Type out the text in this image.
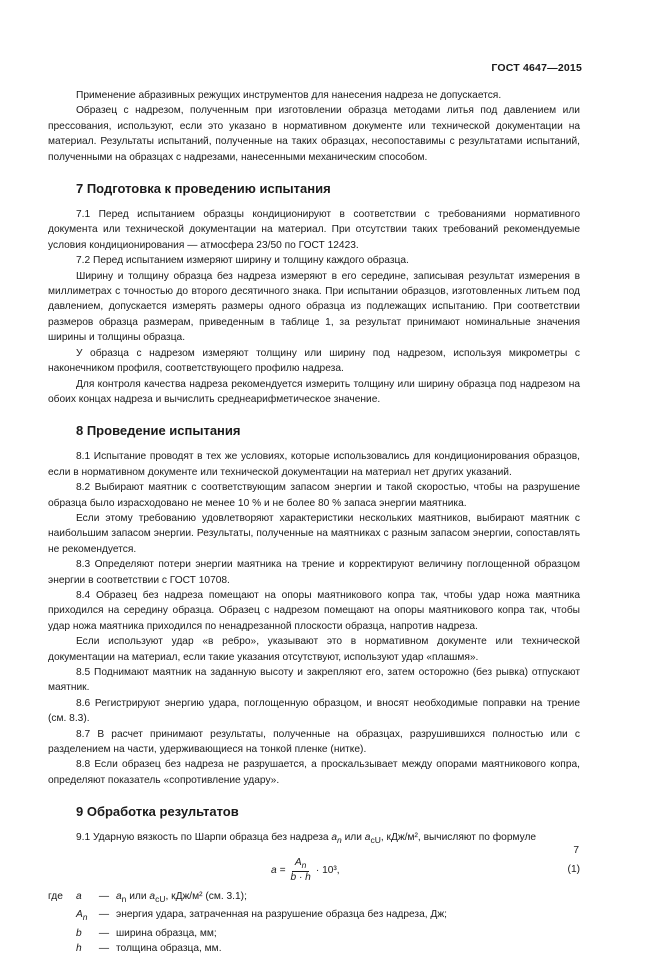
ГОСТ 4647—2015

Применение абразивных режущих инструментов для нанесения надреза не допускается.

Образец с надрезом, полученным при изготовлении образца методами литья под давлением или прессования, используют, если это указано в нормативном документе или технической документации на материал. Результаты испытаний, полученные на таких образцах, несопоставимы с результатами испытаний, полученными на образцах с надрезами, нанесенными механическим способом.

7 Подготовка к проведению испытания

7.1 Перед испытанием образцы кондиционируют в соответствии с требованиями нормативного документа или технической документации на материал. При отсутствии таких требований рекомендуемые условия кондиционирования — атмосфера 23/50 по ГОСТ 12423.

7.2 Перед испытанием измеряют ширину и толщину каждого образца.

Ширину и толщину образца без надреза измеряют в его середине, записывая результат измерения в миллиметрах с точностью до второго десятичного знака. При испытании образцов, изготовленных литьем под давлением, допускается измерять размеры одного образца из подлежащих испытанию. При соответствии размеров образца размерам, приведенным в таблице 1, за результат принимают номинальные значения ширины и толщины образца.

У образца с надрезом измеряют толщину или ширину под надрезом, используя микрометры с наконечником профиля, соответствующего профилю надреза.

Для контроля качества надреза рекомендуется измерить толщину или ширину образца под надрезом на обоих концах надреза и вычислить среднеарифметическое значение.

8 Проведение испытания

8.1 Испытание проводят в тех же условиях, которые использовались для кондиционирования образцов, если в нормативном документе или технической документации на материал нет других указаний.

8.2 Выбирают маятник с соответствующим запасом энергии и такой скоростью, чтобы на разрушение образца было израсходовано не менее 10 % и не более 80 % запаса энергии маятника.

Если этому требованию удовлетворяют характеристики нескольких маятников, выбирают маятник с наибольшим запасом энергии. Результаты, полученные на маятниках с разным запасом энергии, сопоставлять не рекомендуется.

8.3 Определяют потери энергии маятника на трение и корректируют величину поглощенной образцом энергии в соответствии с ГОСТ 10708.

8.4 Образец без надреза помещают на опоры маятникового копра так, чтобы удар ножа маятника приходился на середину образца. Образец с надрезом помещают на опоры маятникового копра так, чтобы удар ножа маятника приходился по ненадрезанной плоскости образца, напротив надреза.

Если используют удар «в ребро», указывают это в нормативном документе или технической документации на материал, если такие указания отсутствуют, используют удар «плашмя».

8.5 Поднимают маятник на заданную высоту и закрепляют его, затем осторожно (без рывка) отпускают маятник.

8.6 Регистрируют энергию удара, поглощенную образцом, и вносят необходимые поправки на трение (см. 8.3).

8.7 В расчет принимают результаты, полученные на образцах, разрушившихся полностью или с разделением на части, удерживающиеся на тонкой пленке (нитке).

8.8 Если образец без надреза не разрушается, а проскальзывает между опорами маятникового копра, определяют показатель «сопротивление удару».

9 Обработка результатов

9.1 Ударную вязкость по Шарпи образца без надреза $a_n$ или $a_{cU}$, кДж/м², вычисляют по формуле

$a = \frac{A_n}{b \cdot h} \cdot 10^3$,	(1)
где	a	— $a_n$ или $a_{cU}$, кДж/м² (см. 3.1);
$A_n$	— энергия удара, затраченная на разрушение образца без надреза, Дж;
b	— ширина образца, мм;
h	— толщина образца, мм.
7
